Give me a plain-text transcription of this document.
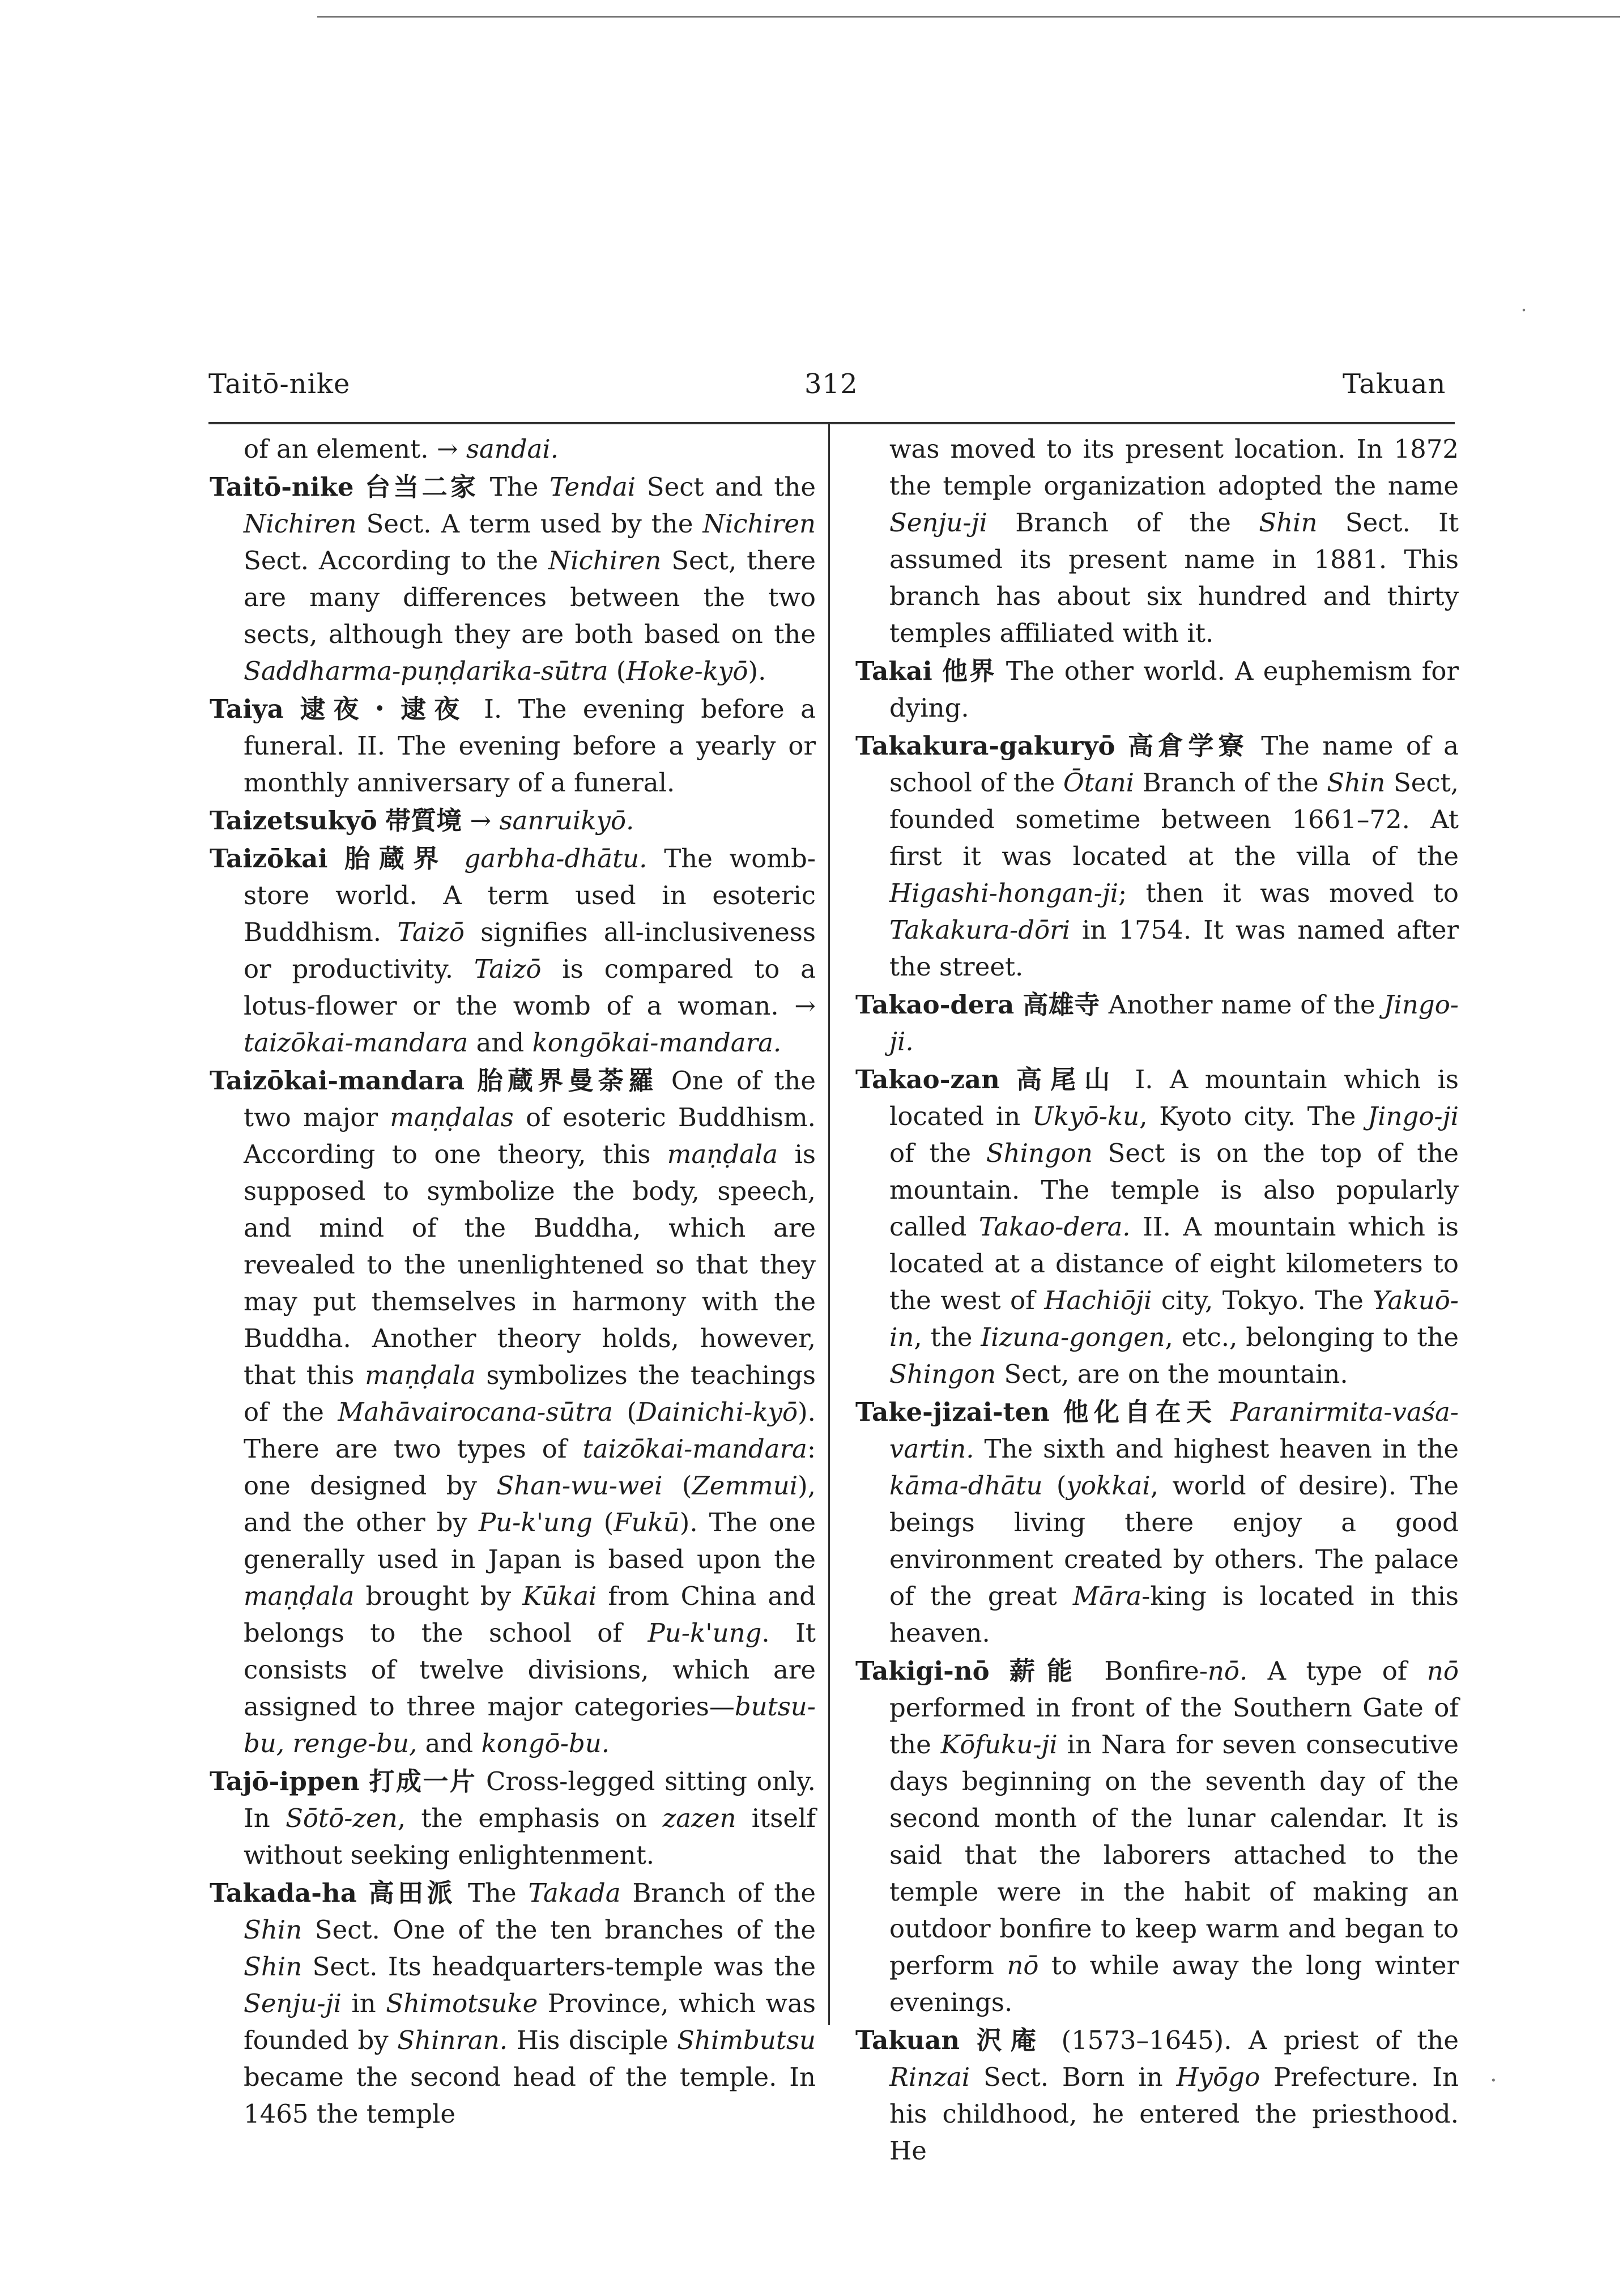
Taitō-nike	312	Takuan

of an element. → sandai.

Taitō-nike 台当二家 The Tendai Sect and the Nichiren Sect. A term used by the Nichiren Sect. According to the Nichiren Sect, there are many differences between the two sects, although they are both based on the Saddharma-puṇḍarika-sūtra (Hoke-kyō).

Taiya 逮夜・逮夜 I. The evening before a funeral. II. The evening before a yearly or monthly anniversary of a funeral.

Taizetsukyō 帯質境 → sanruikyō.

Taizōkai 胎蔵界 garbha-dhātu. The womb-store world. A term used in esoteric Buddhism. Taizō signifies all-inclusiveness or productivity. Taizō is compared to a lotus-flower or the womb of a woman. → taizōkai-mandara and kongōkai-mandara.

Taizōkai-mandara 胎蔵界曼荼羅 One of the two major maṇḍalas of esoteric Buddhism. According to one theory, this maṇḍala is supposed to symbolize the body, speech, and mind of the Buddha, which are revealed to the unenlightened so that they may put themselves in harmony with the Buddha. Another theory holds, however, that this maṇḍala symbolizes the teachings of the Mahāvairocana-sūtra (Dainichi-kyō). There are two types of taizōkai-mandara: one designed by Shan-wu-wei (Zemmui), and the other by Pu-k'ung (Fukū). The one generally used in Japan is based upon the maṇḍala brought by Kūkai from China and belongs to the school of Pu-k'ung. It consists of twelve divisions, which are assigned to three major categories—butsu-bu, renge-bu, and kongō-bu.

Tajō-ippen 打成一片 Cross-legged sitting only. In Sōtō-zen, the emphasis on zazen itself without seeking enlightenment.

Takada-ha 高田派 The Takada Branch of the Shin Sect. One of the ten branches of the Shin Sect. Its headquarters-temple was the Senju-ji in Shimotsuke Province, which was founded by Shinran. His disciple Shimbutsu became the second head of the temple. In 1465 the temple

was moved to its present location. In 1872 the temple organization adopted the name Senju-ji Branch of the Shin Sect. It assumed its present name in 1881. This branch has about six hundred and thirty temples affiliated with it.

Takai 他界 The other world. A euphemism for dying.

Takakura-gakuryō 高倉学寮 The name of a school of the Ōtani Branch of the Shin Sect, founded sometime between 1661–72. At first it was located at the villa of the Higashi-hongan-ji; then it was moved to Takakura-dōri in 1754. It was named after the street.

Takao-dera 高雄寺 Another name of the Jingo-ji.

Takao-zan 高尾山 I. A mountain which is located in Ukyō-ku, Kyoto city. The Jingo-ji of the Shingon Sect is on the top of the mountain. The temple is also popularly called Takao-dera. II. A mountain which is located at a distance of eight kilometers to the west of Hachiōji city, Tokyo. The Yakuō-in, the Iizuna-gongen, etc., belonging to the Shingon Sect, are on the mountain.

Take-jizai-ten 他化自在天 Paranirmita-vaśa-vartin. The sixth and highest heaven in the kāma-dhātu (yokkai, world of desire). The beings living there enjoy a good environment created by others. The palace of the great Māra-king is located in this heaven.

Takigi-nō 薪能 Bonfire-nō. A type of nō performed in front of the Southern Gate of the Kōfuku-ji in Nara for seven consecutive days beginning on the seventh day of the second month of the lunar calendar. It is said that the laborers attached to the temple were in the habit of making an outdoor bonfire to keep warm and began to perform nō to while away the long winter evenings.

Takuan 沢庵 (1573–1645). A priest of the Rinzai Sect. Born in Hyōgo Prefecture. In his childhood, he entered the priesthood. He

˙
·
